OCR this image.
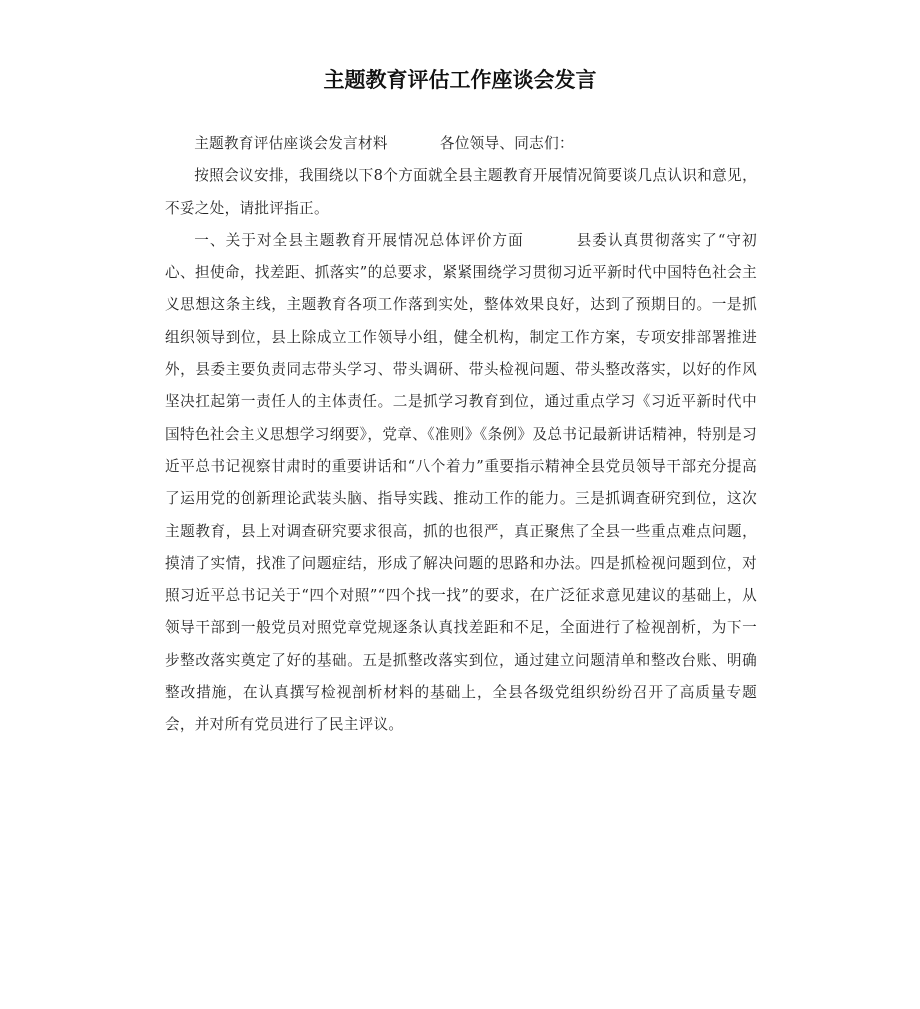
主题教育评估工作座谈会发言

主题教育评估座谈会发言材料	各位领导、同志们：

按照会议安排，我围绕以下8个方面就全县主题教育开展情况简要谈几点认识和意见，不妥之处，请批评指正。

一、关于对全县主题教育开展情况总体评价方面	县委认真贯彻落实了“守初心、担使命，找差距、抓落实”的总要求，紧紧围绕学习贯彻习近平新时代中国特色社会主义思想这条主线，主题教育各项工作落到实处，整体效果良好，达到了预期目的。一是抓组织领导到位，县上除成立工作领导小组，健全机构，制定工作方案，专项安排部署推进外，县委主要负责同志带头学习、带头调研、带头检视问题、带头整改落实，以好的作风坚决扛起第一责任人的主体责任。二是抓学习教育到位，通过重点学习《习近平新时代中国特色社会主义思想学习纲要》，党章、《准则》《条例》及总书记最新讲话精神，特别是习近平总书记视察甘肃时的重要讲话和“八个着力”重要指示精神全县党员领导干部充分提高了运用党的创新理论武装头脑、指导实践、推动工作的能力。三是抓调查研究到位，这次主题教育，县上对调查研究要求很高，抓的也很严，真正聚焦了全县一些重点难点问题，摸清了实情，找准了问题症结，形成了解决问题的思路和办法。四是抓检视问题到位，对照习近平总书记关于“四个对照”“四个找一找”的要求，在广泛征求意见建议的基础上，从领导干部到一般党员对照党章党规逐条认真找差距和不足，全面进行了检视剖析，为下一步整改落实奠定了好的基础。五是抓整改落实到位，通过建立问题清单和整改台账、明确整改措施，在认真撰写检视剖析材料的基础上，全县各级党组织纷纷召开了高质量专题会，并对所有党员进行了民主评议。
